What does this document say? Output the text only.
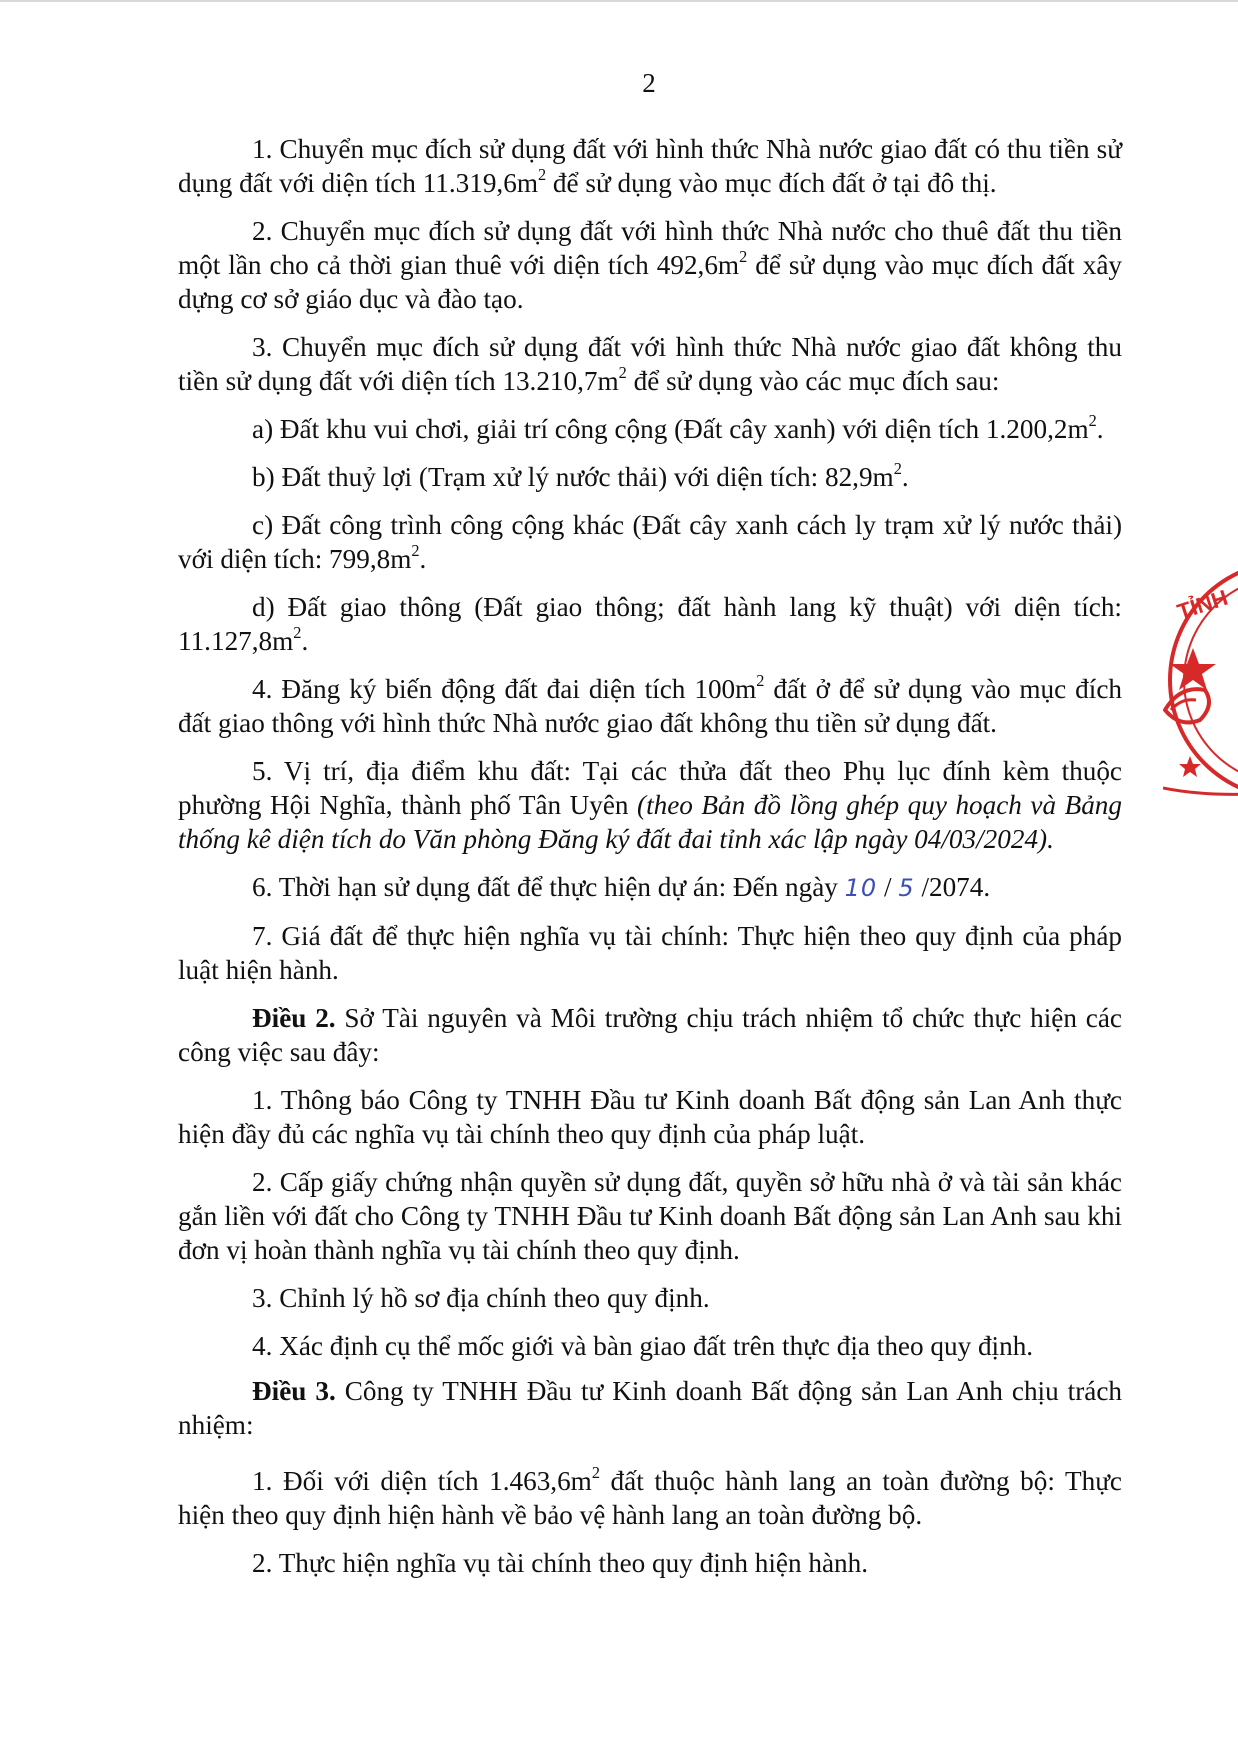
2

1. Chuyển mục đích sử dụng đất với hình thức Nhà nước giao đất có thu tiền sử dụng đất với diện tích $11.319,6m^2$ để sử dụng vào mục đích đất ở tại đô thị.

2. Chuyển mục đích sử dụng đất với hình thức Nhà nước cho thuê đất thu tiền một lần cho cả thời gian thuê với diện tích $492,6m^2$ để sử dụng vào mục đích đất xây dựng cơ sở giáo dục và đào tạo.

3. Chuyển mục đích sử dụng đất với hình thức Nhà nước giao đất không thu tiền sử dụng đất với diện tích $13.210,7m^2$ để sử dụng vào các mục đích sau:

a) Đất khu vui chơi, giải trí công cộng (Đất cây xanh) với diện tích $1.200,2m^2$.

b) Đất thuỷ lợi (Trạm xử lý nước thải) với diện tích: $82,9m^2$.

c) Đất công trình công cộng khác (Đất cây xanh cách ly trạm xử lý nước thải) với diện tích: $799,8m^2$.

d) Đất giao thông (Đất giao thông; đất hành lang kỹ thuật) với diện tích: $11.127,8m^2$.

4. Đăng ký biến động đất đai diện tích $100m^2$ đất ở để sử dụng vào mục đích đất giao thông với hình thức Nhà nước giao đất không thu tiền sử dụng đất.

5. Vị trí, địa điểm khu đất: Tại các thửa đất theo Phụ lục đính kèm thuộc phường Hội Nghĩa, thành phố Tân Uyên (theo Bản đồ lồng ghép quy hoạch và Bảng thống kê diện tích do Văn phòng Đăng ký đất đai tỉnh xác lập ngày 04/03/2024).

6. Thời hạn sử dụng đất để thực hiện dự án: Đến ngày 10 / 5 /2074.

7. Giá đất để thực hiện nghĩa vụ tài chính: Thực hiện theo quy định của pháp luật hiện hành.

Điều 2. Sở Tài nguyên và Môi trường chịu trách nhiệm tổ chức thực hiện các công việc sau đây:

1. Thông báo Công ty TNHH Đầu tư Kinh doanh Bất động sản Lan Anh thực hiện đầy đủ các nghĩa vụ tài chính theo quy định của pháp luật.

2. Cấp giấy chứng nhận quyền sử dụng đất, quyền sở hữu nhà ở và tài sản khác gắn liền với đất cho Công ty TNHH Đầu tư Kinh doanh Bất động sản Lan Anh sau khi đơn vị hoàn thành nghĩa vụ tài chính theo quy định.

3. Chỉnh lý hồ sơ địa chính theo quy định.

4. Xác định cụ thể mốc giới và bàn giao đất trên thực địa theo quy định.

Điều 3. Công ty TNHH Đầu tư Kinh doanh Bất động sản Lan Anh chịu trách nhiệm:

1. Đối với diện tích $1.463,6m^2$ đất thuộc hành lang an toàn đường bộ: Thực hiện theo quy định hiện hành về bảo vệ hành lang an toàn đường bộ.

2. Thực hiện nghĩa vụ tài chính theo quy định hiện hành.

TỈNH
